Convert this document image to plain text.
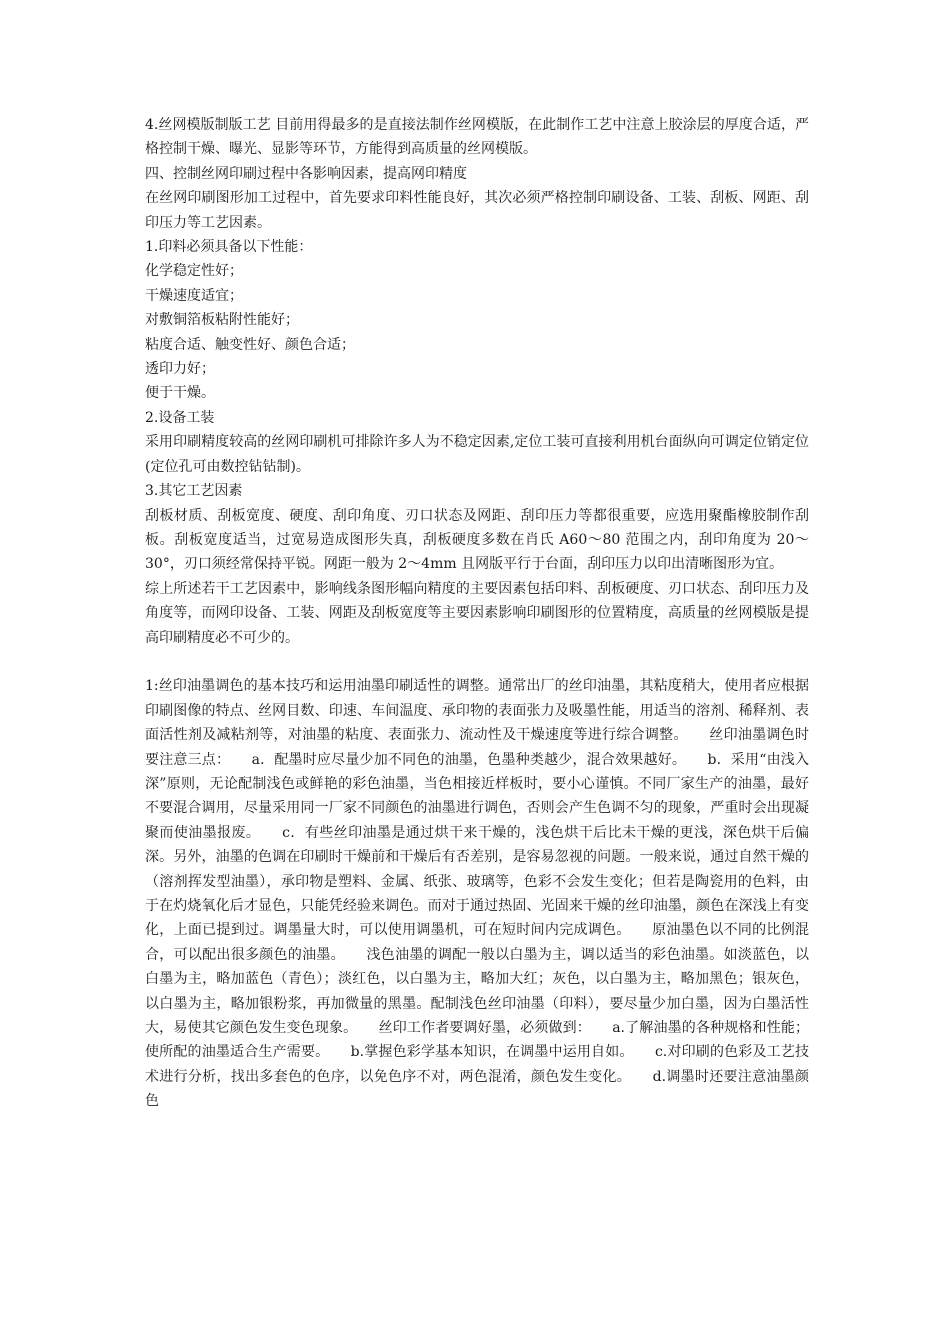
4.丝网模版制版工艺 目前用得最多的是直接法制作丝网模版，在此制作工艺中注意上胶涂层的厚度合适，严格控制干燥、曝光、显影等环节，方能得到高质量的丝网模版。

四、控制丝网印刷过程中各影响因素，提高网印精度

在丝网印刷图形加工过程中，首先要求印料性能良好，其次必须严格控制印刷设备、工装、刮板、网距、刮印压力等工艺因素。

1.印料必须具备以下性能：

化学稳定性好；

干燥速度适宜；

对敷铜箔板粘附性能好；

粘度合适、触变性好、颜色合适；

透印力好；

便于干燥。

2.设备工装

采用印刷精度较高的丝网印刷机可排除许多人为不稳定因素,定位工装可直接利用机台面纵向可调定位销定位(定位孔可由数控钻钻制)。

3.其它工艺因素

刮板材质、刮板宽度、硬度、刮印角度、刃口状态及网距、刮印压力等都很重要，应选用聚酯橡胶制作刮板。刮板宽度适当，过宽易造成图形失真，刮板硬度多数在肖氏 A60～80 范围之内，刮印角度为 20～30°，刃口须经常保持平锐。网距一般为 2～4mm 且网版平行于台面，刮印压力以印出清晰图形为宜。

综上所述若干工艺因素中，影响线条图形幅向精度的主要因素包括印料、刮板硬度、刃口状态、刮印压力及角度等，而网印设备、工装、网距及刮板宽度等主要因素影响印刷图形的位置精度，高质量的丝网模版是提高印刷精度必不可少的。

1:丝印油墨调色的基本技巧和运用油墨印刷适性的调整。通常出厂的丝印油墨，其粘度稍大，使用者应根据印刷图像的特点、丝网目数、印速、车间温度、承印物的表面张力及吸墨性能，用适当的溶剂、稀释剂、表面活性剂及减粘剂等，对油墨的粘度、表面张力、流动性及干燥速度等进行综合调整。　　丝印油墨调色时要注意三点：　　a．配墨时应尽量少加不同色的油墨，色墨种类越少，混合效果越好。　　b．采用“由浅入深”原则，无论配制浅色或鲜艳的彩色油墨，当色相接近样板时，要小心谨慎。不同厂家生产的油墨，最好不要混合调用，尽量采用同一厂家不同颜色的油墨进行调色，否则会产生色调不匀的现象，严重时会出现凝聚而使油墨报废。　　c．有些丝印油墨是通过烘干来干燥的，浅色烘干后比未干燥的更浅，深色烘干后偏深。另外，油墨的色调在印刷时干燥前和干燥后有否差别，是容易忽视的问题。一般来说，通过自然干燥的（溶剂挥发型油墨），承印物是塑料、金属、纸张、玻璃等，色彩不会发生变化；但若是陶瓷用的色料，由于在灼烧氧化后才显色，只能凭经验来调色。而对于通过热固、光固来干燥的丝印油墨，颜色在深浅上有变化，上面已提到过。调墨量大时，可以使用调墨机，可在短时间内完成调色。　　原油墨色以不同的比例混合，可以配出很多颜色的油墨。　　浅色油墨的调配一般以白墨为主，调以适当的彩色油墨。如淡蓝色，以白墨为主，略加蓝色（青色）；淡红色，以白墨为主，略加大红；灰色，以白墨为主，略加黑色；银灰色，以白墨为主，略加银粉浆，再加微量的黑墨。配制浅色丝印油墨（印料），要尽量少加白墨，因为白墨活性大，易使其它颜色发生变色现象。　　丝印工作者要调好墨，必须做到：　　a.了解油墨的各种规格和性能；使所配的油墨适合生产需要。　　b.掌握色彩学基本知识，在调墨中运用自如。　　c.对印刷的色彩及工艺技术进行分析，找出多套色的色序，以免色序不对，两色混淆，颜色发生变化。　　d.调墨时还要注意油墨颜色
